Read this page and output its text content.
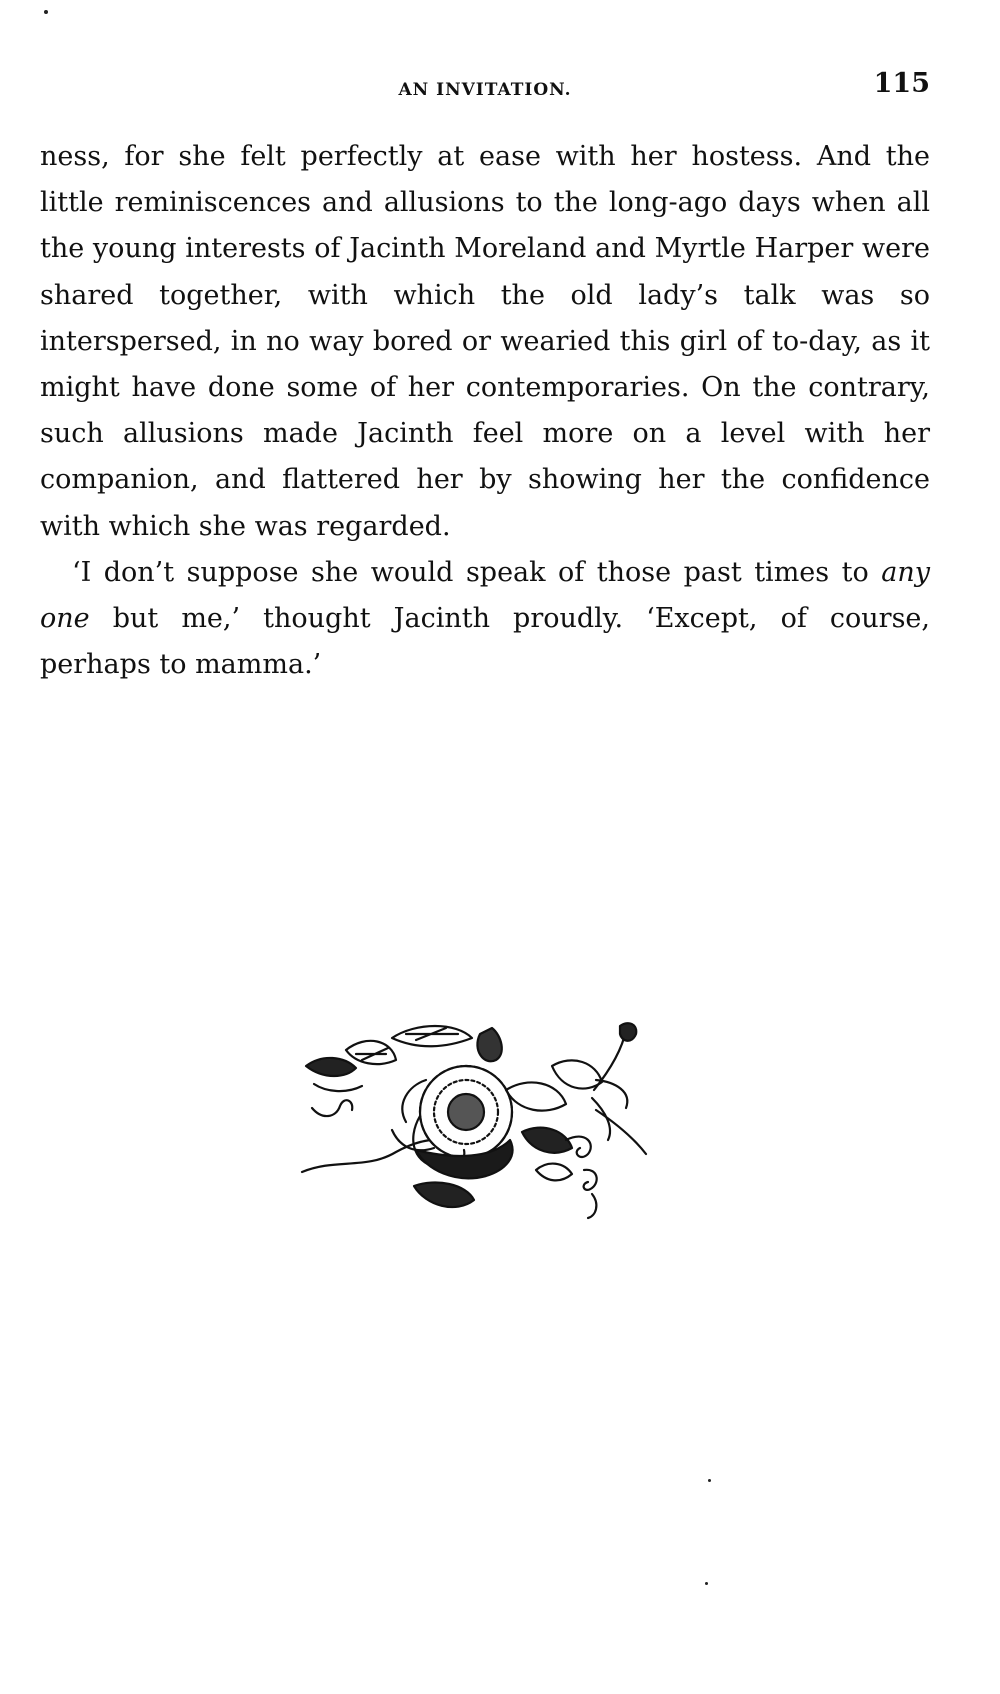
AN INVITATION.	115

ness, for she felt perfectly at ease with her hostess. And the little reminiscences and allusions to the long-ago days when all the young interests of Jacinth Moreland and Myrtle Harper were shared together, with which the old lady’s talk was so interspersed, in no way bored or wearied this girl of to-day, as it might have done some of her contemporaries. On the contrary, such allusions made Jacinth feel more on a level with her companion, and flattered her by showing her the confidence with which she was regarded.

‘I don’t suppose she would speak of those past times to any one but me,’ thought Jacinth proudly. ‘Except, of course, perhaps to mamma.’
